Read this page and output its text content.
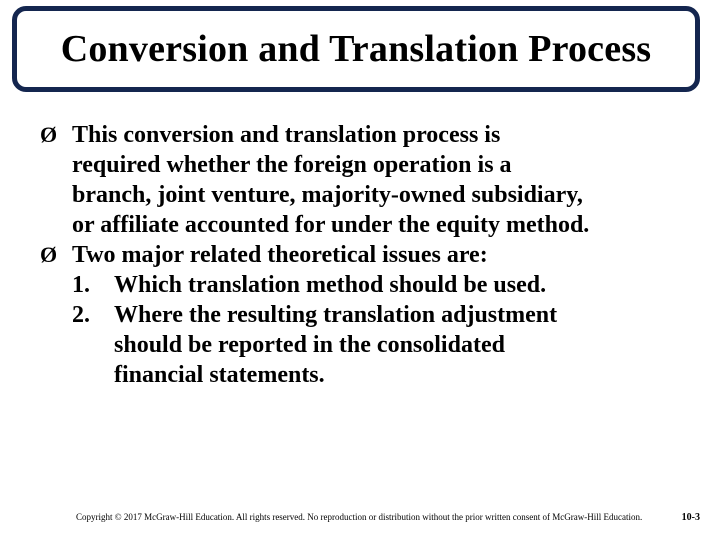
Conversion and Translation Process
Ø This conversion and translation process is
required whether the foreign operation is a
branch, joint venture, majority-owned subsidiary,
or affiliate accounted for under the equity method.
Ø Two major related theoretical issues are:
1.	Which translation method should be used.
2.	Where the resulting translation adjustment
should be reported in the consolidated
financial statements.
Copyright © 2017 McGraw-Hill Education. All rights reserved. No reproduction or distribution without the prior written consent of McGraw-Hill Education.	10-3
